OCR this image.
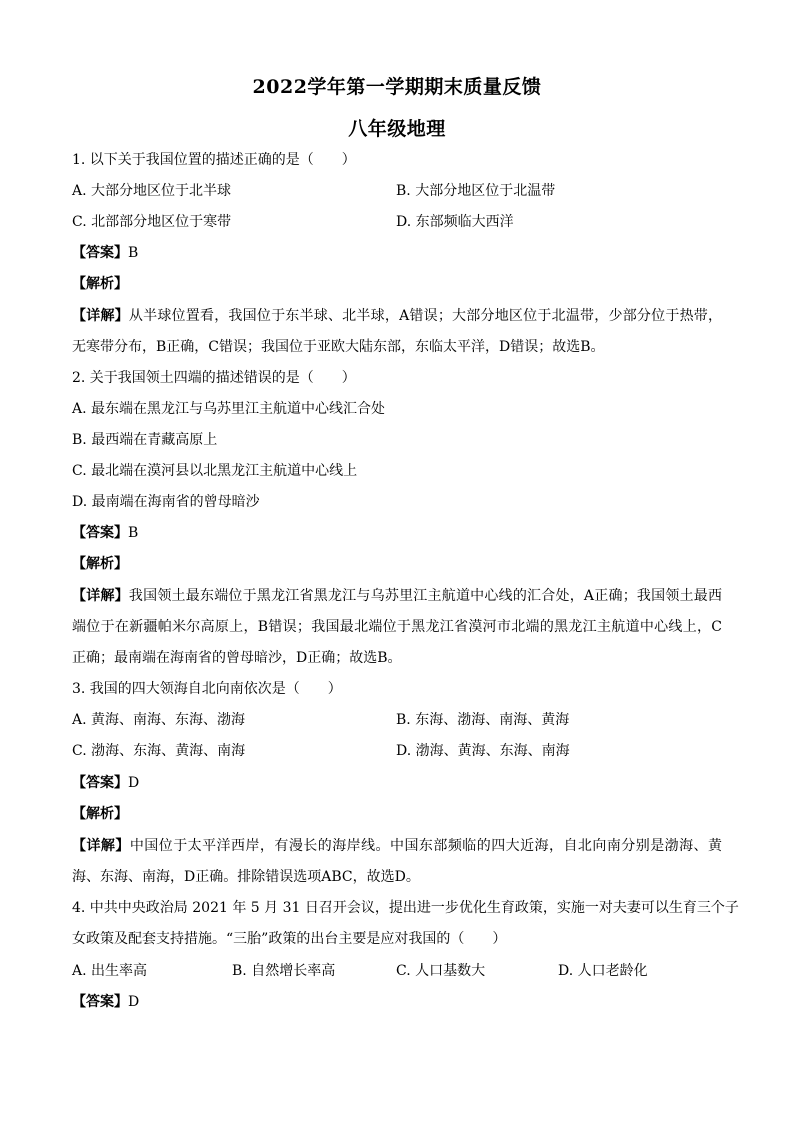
2022学年第一学期期末质量反馈
八年级地理
1. 以下关于我国位置的描述正确的是（　　）
A. 大部分地区位于北半球	B. 大部分地区位于北温带
C. 北部部分地区位于寒带	D. 东部频临大西洋
【答案】B
【解析】
【详解】从半球位置看，我国位于东半球、北半球，A错误；大部分地区位于北温带，少部分位于热带，无寒带分布，B正确，C错误；我国位于亚欧大陆东部，东临太平洋，D错误；故选B。
2. 关于我国领土四端的描述错误的是（　　）
A. 最东端在黑龙江与乌苏里江主航道中心线汇合处
B. 最西端在青藏高原上
C. 最北端在漠河县以北黑龙江主航道中心线上
D. 最南端在海南省的曾母暗沙
【答案】B
【解析】
【详解】我国领土最东端位于黑龙江省黑龙江与乌苏里江主航道中心线的汇合处，A正确；我国领土最西端位于在新疆帕米尔高原上，B错误；我国最北端位于黑龙江省漠河市北端的黑龙江主航道中心线上，C正确；最南端在海南省的曾母暗沙，D正确；故选B。
3. 我国的四大领海自北向南依次是（　　）
A. 黄海、南海、东海、渤海	B. 东海、渤海、南海、黄海
C. 渤海、东海、黄海、南海	D. 渤海、黄海、东海、南海
【答案】D
【解析】
【详解】中国位于太平洋西岸，有漫长的海岸线。中国东部频临的四大近海，自北向南分别是渤海、黄海、东海、南海，D正确。排除错误选项ABC，故选D。
4. 中共中央政治局 2021 年 5 月 31 日召开会议，提出进一步优化生育政策，实施一对夫妻可以生育三个子
女政策及配套支持措施。“三胎”政策的出台主要是应对我国的（　　）
A. 出生率高	B. 自然增长率高	C. 人口基数大	D. 人口老龄化
【答案】D
